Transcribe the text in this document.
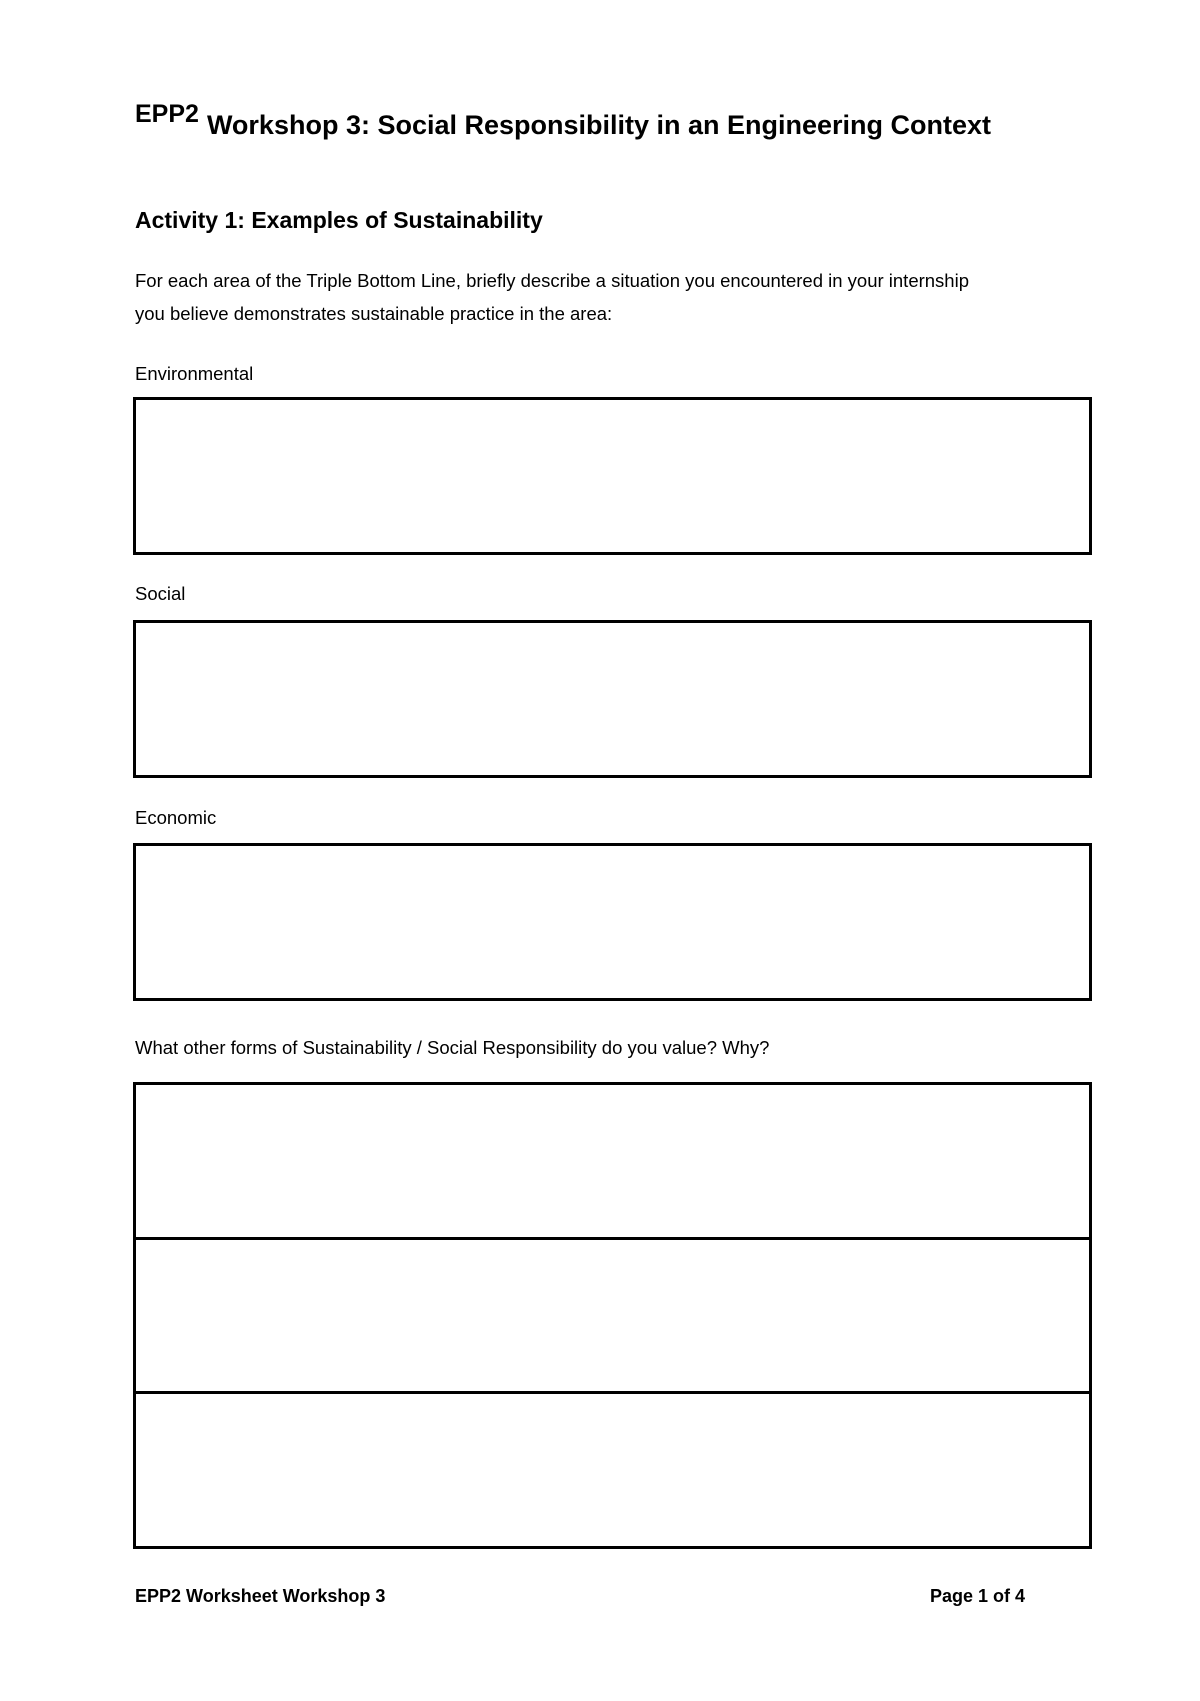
EPP2 Workshop 3: Social Responsibility in an Engineering Context
Activity 1: Examples of Sustainability
For each area of the Triple Bottom Line, briefly describe a situation you encountered in your internship
you believe demonstrates sustainable practice in the area:
Environmental
Social
Economic
What other forms of Sustainability / Social Responsibility do you value? Why?
EPP2 Worksheet Workshop 3	Page 1 of 4
